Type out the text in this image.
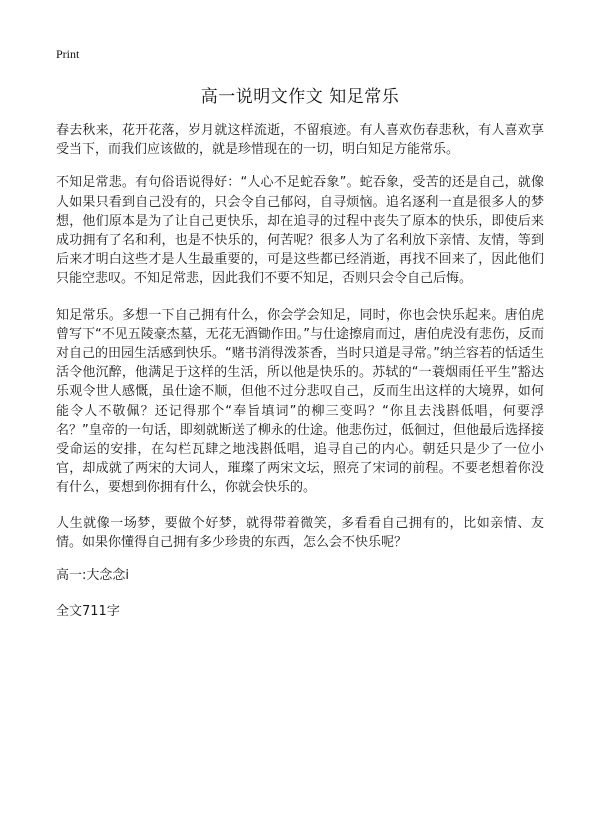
Print
高一说明文作文 知足常乐

春去秋来，花开花落，岁月就这样流逝，不留痕迹。有人喜欢伤春悲秋，有人喜欢享受当下，而我们应该做的，就是珍惜现在的一切，明白知足方能常乐。

不知足常悲。有句俗语说得好：“人心不足蛇吞象”。蛇吞象，受苦的还是自己，就像人如果只看到自己没有的，只会令自己郁闷，自寻烦恼。追名逐利一直是很多人的梦想，他们原本是为了让自己更快乐，却在追寻的过程中丧失了原本的快乐，即使后来成功拥有了名和利，也是不快乐的，何苦呢？很多人为了名利放下亲情、友情，等到后来才明白这些才是人生最重要的，可是这些都已经消逝，再找不回来了，因此他们只能空悲叹。不知足常悲，因此我们不要不知足，否则只会令自己后悔。

知足常乐。多想一下自己拥有什么，你会学会知足，同时，你也会快乐起来。唐伯虎曾写下“不见五陵豪杰墓，无花无酒锄作田。”与仕途擦肩而过，唐伯虎没有悲伤，反而对自己的田园生活感到快乐。“赌书消得泼茶香，当时只道是寻常。”纳兰容若的恬适生活令他沉醉，他满足于这样的生活，所以他是快乐的。苏轼的“一蓑烟雨任平生”豁达乐观令世人感慨，虽仕途不顺，但他不过分悲叹自己，反而生出这样的大境界，如何能令人不敬佩？还记得那个“奉旨填词”的柳三变吗？“你且去浅斟低唱，何要浮名？”皇帝的一句话，即刻就断送了柳永的仕途。他悲伤过，低徊过，但他最后选择接受命运的安排，在勾栏瓦肆之地浅斟低唱，追寻自己的内心。朝廷只是少了一位小官，却成就了两宋的大词人，璀璨了两宋文坛，照亮了宋词的前程。不要老想着你没有什么，要想到你拥有什么，你就会快乐的。

人生就像一场梦，要做个好梦，就得带着微笑，多看看自己拥有的，比如亲情、友情。如果你懂得自己拥有多少珍贵的东西，怎么会不快乐呢？

高一:大念念i

全文711字
